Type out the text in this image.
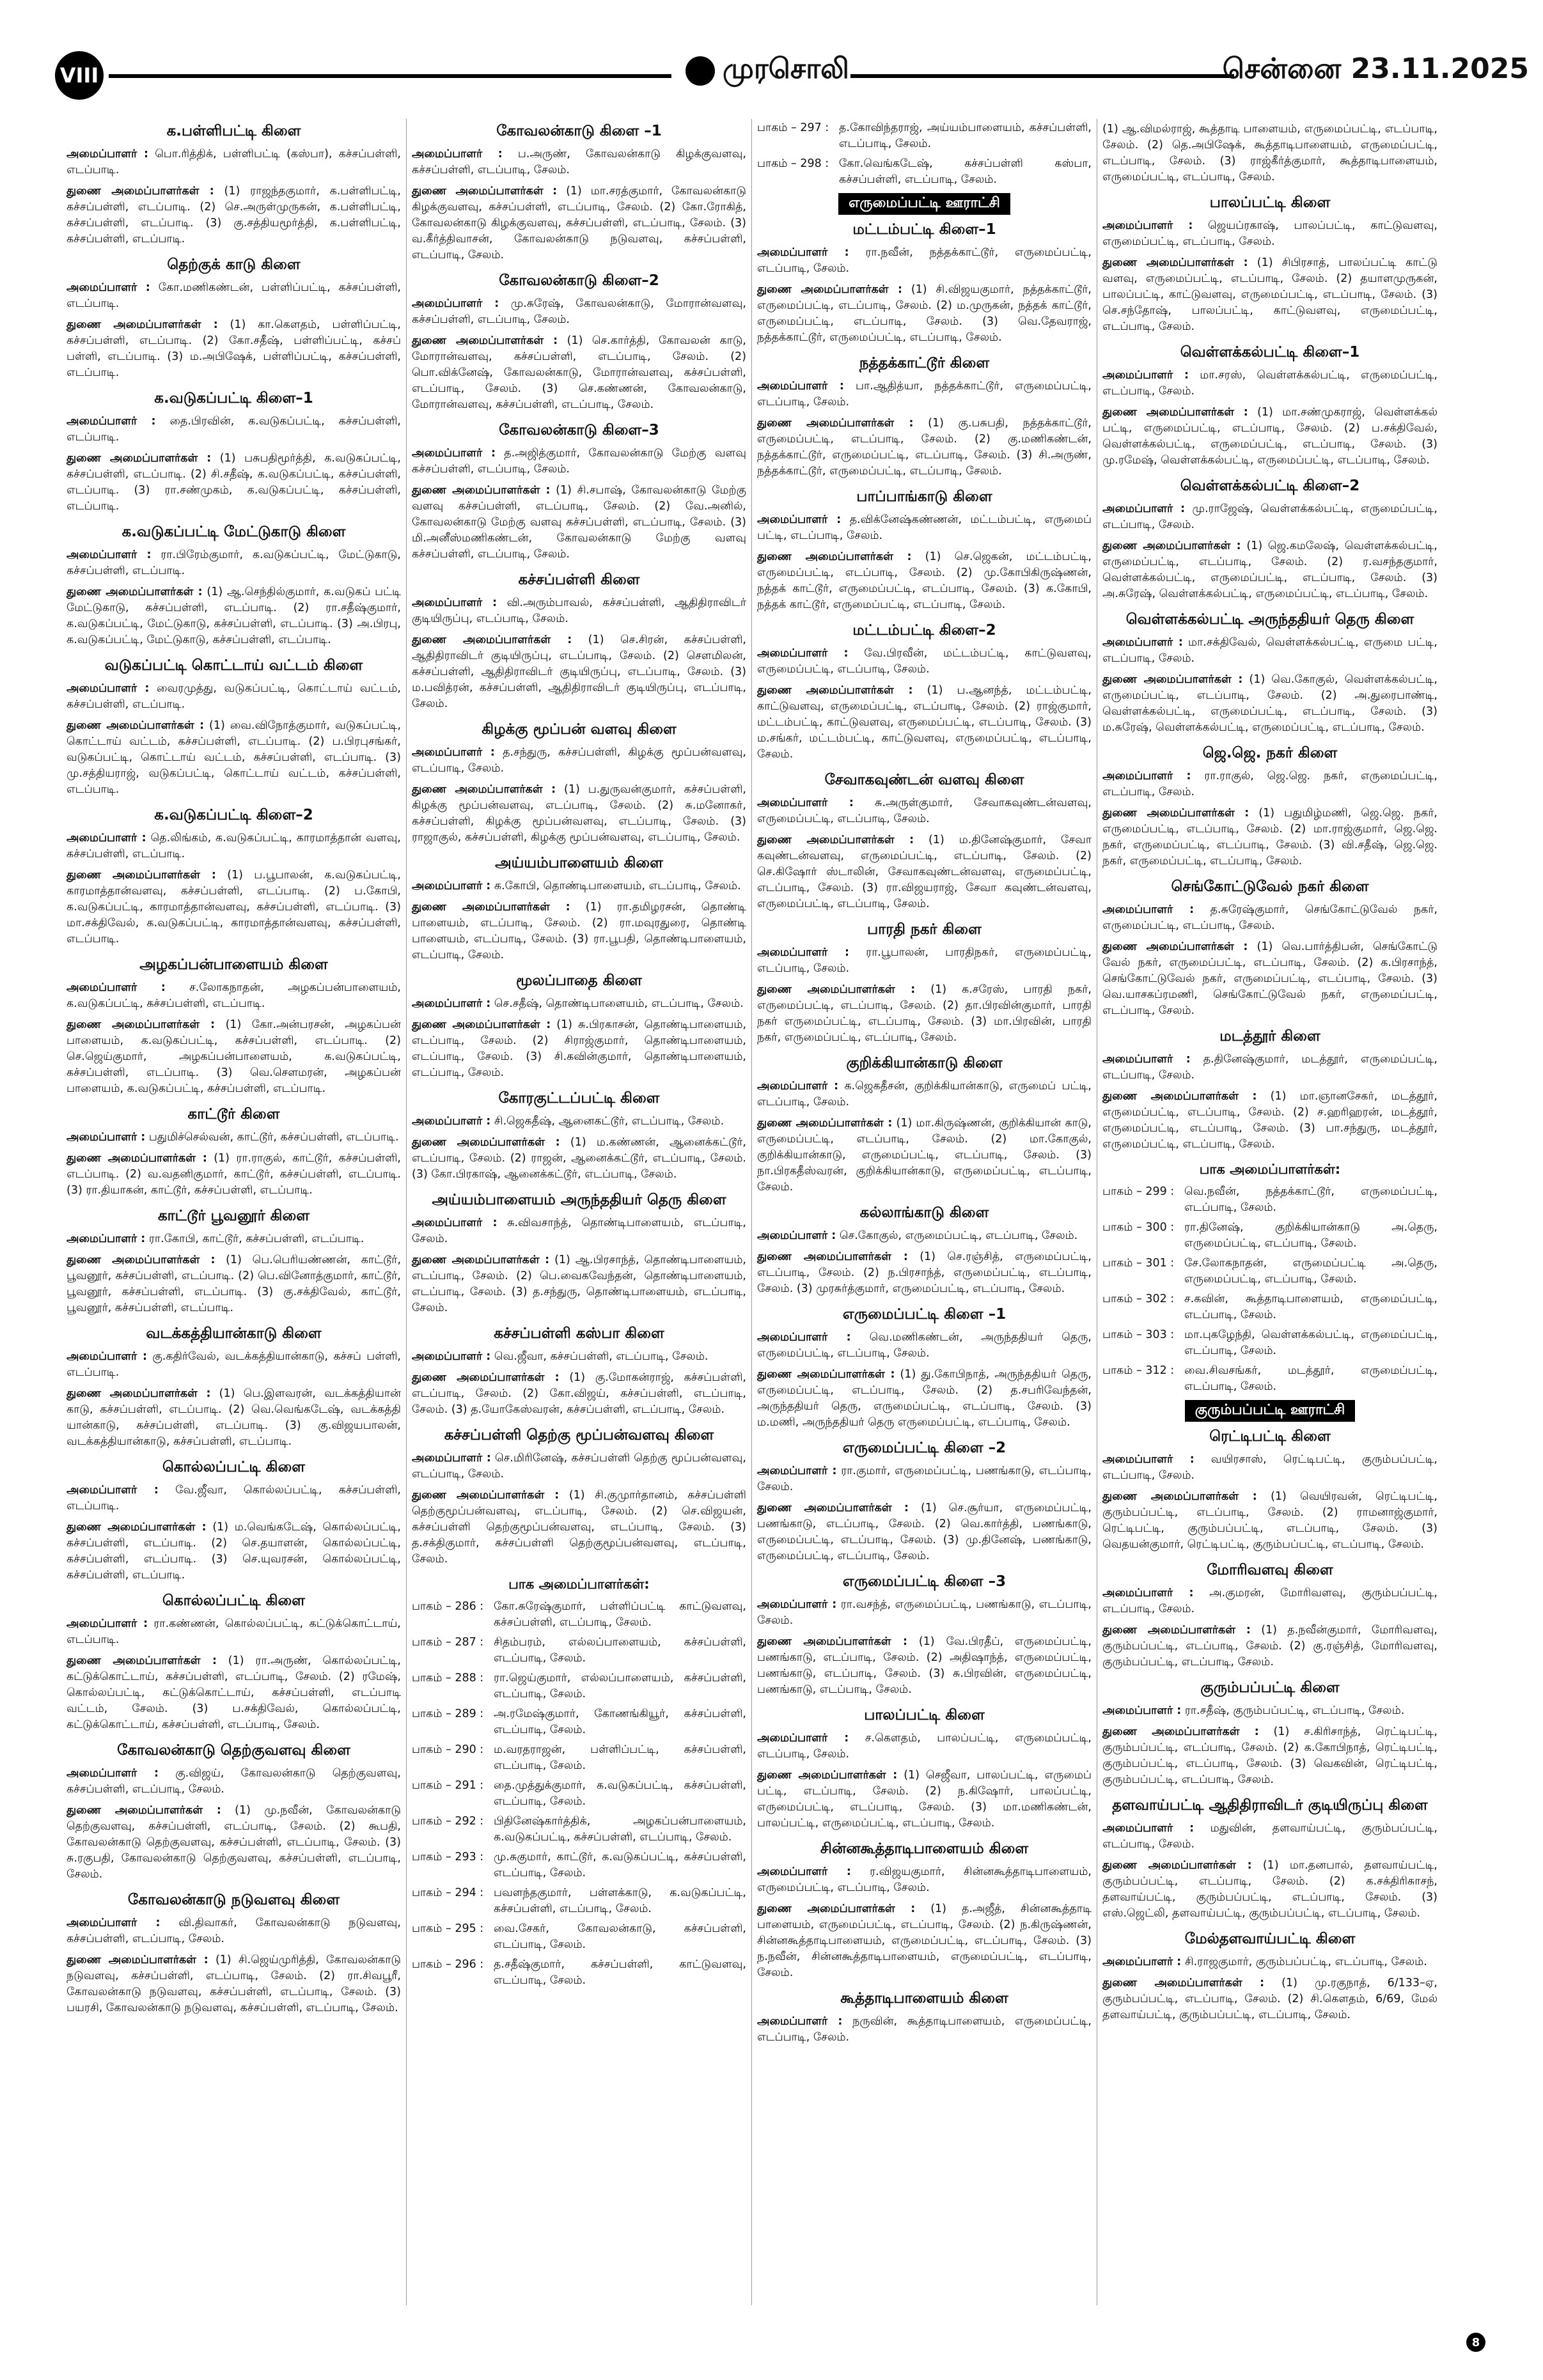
VIII	முரசொலி	சென்னை 23.11.2025
க.பள்ளிபட்டி கிளை
அமைப்பாளர் : பொ.ரித்திக், பள்ளிபட்டி (கஸ்பா), கச்சப்பள்ளி, எடப்பாடி.
துணை அமைப்பாளர்கள் : (1) ராஜந்தகுமார், க.பள்ளிபட்டி, கச்சப்பள்ளி, எடப்பாடி. (2) செ.அருள்முருகன், க.பள்ளிபட்டி, கச்சப்பள்ளி, எடப்பாடி. (3) கு.சத்தியமூர்த்தி, க.பள்ளிபட்டி, கச்சப்பள்ளி, எடப்பாடி.
தெற்குக் காடு கிளை
அமைப்பாளர் : கோ.மணிகண்டன், பள்ளிப்பட்டி, கச்சப்பள்ளி, எடப்பாடி.
துணை அமைப்பாளர்கள் : (1) கா.கௌதம், பள்ளிப்பட்டி, கச்சப்பள்ளி, எடப்பாடி. (2) கோ.சதீஷ், பள்ளிப்பட்டி, கச்சப் பள்ளி, எடப்பாடி. (3) ம.அபிஷேக், பள்ளிப்பட்டி, கச்சப்பள்ளி, எடப்பாடி.
க.வடுகப்பட்டி கிளை–1
அமைப்பாளர் : தை.பிரவின், க.வடுகப்பட்டி, கச்சப்பள்ளி, எடப்பாடி.
துணை அமைப்பாளர்கள் : (1) பசுபதிமூர்த்தி, க.வடுகப்பட்டி, கச்சப்பள்ளி, எடப்பாடி. (2) சி.சதீஷ், க.வடுகப்பட்டி, கச்சப்பள்ளி, எடப்பாடி. (3) ரா.சண்முகம், க.வடுகப்பட்டி, கச்சப்பள்ளி, எடப்பாடி.
க.வடுகப்பட்டி மேட்டுகாடு கிளை
அமைப்பாளர் : ரா.பிரேம்குமார், க.வடுகப்பட்டி, மேட்டுகாடு, கச்சப்பள்ளி, எடப்பாடி.
துணை அமைப்பாளர்கள் : (1) ஆ.செந்தில்குமார், க.வடுகப் பட்டி மேட்டுகாடு, கச்சப்பள்ளி, எடப்பாடி. (2) ரா.சதீஷ்குமார், க.வடுகப்பட்டி, மேட்டுகாடு, கச்சப்பள்ளி, எடப்பாடி. (3) அ.பிரபு, க.வடுகப்பட்டி, மேட்டுகாடு, கச்சப்பள்ளி, எடப்பாடி.
வடுகப்பட்டி கொட்டாய் வட்டம் கிளை
அமைப்பாளர் : வைரமுத்து, வடுகப்பட்டி, கொட்டாய் வட்டம், கச்சப்பள்ளி, எடப்பாடி.
துணை அமைப்பாளர்கள் : (1) வை.விநோத்குமார், வடுகப்பட்டி, கொட்டாய் வட்டம், கச்சப்பள்ளி, எடப்பாடி. (2) ப.பிரபுசங்கர், வடுகப்பட்டி, கொட்டாய் வட்டம், கச்சப்பள்ளி, எடப்பாடி. (3) மு.சத்தியராஜ், வடுகப்பட்டி, கொட்டாய் வட்டம், கச்சப்பள்ளி, எடப்பாடி.
க.வடுகப்பட்டி கிளை–2
அமைப்பாளர் : தெ.லிங்கம், க.வடுகப்பட்டி, காரமாத்தான் வளவு, கச்சப்பள்ளி, எடப்பாடி.
துணை அமைப்பாளர்கள் : (1) ப.பூபாலன், க.வடுகப்பட்டி, காரமாத்தான்வளவு, கச்சப்பள்ளி, எடப்பாடி. (2) ப.கோபி, க.வடுகப்பட்டி, காரமாத்தான்வளவு, கச்சப்பள்ளி, எடப்பாடி. (3) மா.சக்திவேல், க.வடுகப்பட்டி, காரமாத்தான்வளவு, கச்சப்பள்ளி, எடப்பாடி.
அழகப்பன்பாளையம் கிளை
அமைப்பாளர் : ச.லோகநாதன், அழகப்பன்பாளையம், க.வடுகப்பட்டி, கச்சப்பள்ளி, எடப்பாடி.
துணை அமைப்பாளர்கள் : (1) கோ.அன்பரசன், அழகப்பன் பாளையம், க.வடுகப்பட்டி, கச்சப்பள்ளி, எடப்பாடி. (2) செ.ஜெய்குமார், அழகப்பன்பாளையம், க.வடுகப்பட்டி, கச்சப்பள்ளி, எடப்பாடி. (3) வெ.சௌமரன், அழகப்பன் பாளையம், க.வடுகப்பட்டி, கச்சப்பள்ளி, எடப்பாடி.
காட்டூர் கிளை
அமைப்பாளர் : பதுமிச்செல்வன், காட்டூர், கச்சப்பள்ளி, எடப்பாடி.
துணை அமைப்பாளர்கள் : (1) ரா.ராகுல், காட்டூர், கச்சப்பள்ளி, எடப்பாடி. (2) வ.வதனிகுமார், காட்டூர், கச்சப்பள்ளி, எடப்பாடி. (3) ரா.தியாகன், காட்டூர், கச்சப்பள்ளி, எடப்பாடி.
காட்டூர் பூவனூர் கிளை
அமைப்பாளர் : ரா.கோபி, காட்டூர், கச்சப்பள்ளி, எடப்பாடி.
துணை அமைப்பாளர்கள் : (1) பெ.பெரியண்ணன், காட்டூர், பூவனூர், கச்சப்பள்ளி, எடப்பாடி. (2) பெ.வினோத்குமார், காட்டூர், பூவனூர், கச்சப்பள்ளி, எடப்பாடி. (3) கு.சக்திவேல், காட்டூர், பூவனூர், கச்சப்பள்ளி, எடப்பாடி.
வடக்கத்தியான்காடு கிளை
அமைப்பாளர் : கு.கதிர்வேல், வடக்கத்தியான்காடு, கச்சப் பள்ளி, எடப்பாடி.
துணை அமைப்பாளர்கள் : (1) பெ.இளவரன், வடக்கத்தியான் காடு, கச்சப்பள்ளி, எடப்பாடி. (2) வெ.வெங்கடேஷ், வடக்கத்தி யான்காடு, கச்சப்பள்ளி, எடப்பாடி. (3) கு.விஜயபாலன், வடக்கத்தியான்காடு, கச்சப்பள்ளி, எடப்பாடி.
கொல்லப்பட்டி கிளை
அமைப்பாளர் : வே.ஜீவா, கொல்லப்பட்டி, கச்சப்பள்ளி, எடப்பாடி.
துணை அமைப்பாளர்கள் : (1) ம.வெங்கடேஷ், கொல்லப்பட்டி, கச்சப்பள்ளி, எடப்பாடி. (2) செ.தயாளன், கொல்லப்பட்டி, கச்சப்பள்ளி, எடப்பாடி. (3) செ.யுவரசன், கொல்லப்பட்டி, கச்சப்பள்ளி, எடப்பாடி.
கொல்லப்பட்டி கிளை
அமைப்பாளர் : ரா.கண்ணன், கொல்லப்பட்டி, கட்டுக்கொட்டாய், எடப்பாடி.
துணை அமைப்பாளர்கள் : (1) ரா.அருண், கொல்லப்பட்டி, கட்டுக்கொட்டாய், கச்சப்பள்ளி, எடப்பாடி, சேலம். (2) ரமேஷ், கொல்லப்பட்டி, கட்டுக்கொட்டாய், கச்சப்பள்ளி, எடப்பாடி வட்டம், சேலம். (3) ப.சக்திவேல், கொல்லப்பட்டி, கட்டுக்கொட்டாய், கச்சப்பள்ளி, எடப்பாடி, சேலம்.
கோவலன்காடு தெற்குவளவு கிளை
அமைப்பாளர் : கு.விஜய், கோவலன்காடு தெற்குவளவு, கச்சப்பள்ளி, எடப்பாடி, சேலம்.
துணை அமைப்பாளர்கள் : (1) மு.நவீன், கோவலன்காடு தெற்குவளவு, கச்சப்பள்ளி, எடப்பாடி, சேலம். (2) கூபதி, கோவலன்காடு தெற்குவளவு, கச்சப்பள்ளி, எடப்பாடி, சேலம். (3) சு.ரகுபதி, கோவலன்காடு தெற்குவளவு, கச்சப்பள்ளி, எடப்பாடி, சேலம்.
கோவலன்காடு நடுவளவு கிளை
அமைப்பாளர் : வி.திவாகர், கோவலன்காடு நடுவளவு, கச்சப்பள்ளி, எடப்பாடி, சேலம்.
துணை அமைப்பாளர்கள் : (1) சி.ஜெய்முரித்தி, கோவலன்காடு நடுவளவு, கச்சப்பள்ளி, எடப்பாடி, சேலம். (2) ரா.சிவபூரீ, கோவலன்காடு நடுவளவு, கச்சப்பள்ளி, எடப்பாடி, சேலம். (3) பயரசி, கோவலன்காடு நடுவளவு, கச்சப்பள்ளி, எடப்பாடி, சேலம்.
கோவலன்காடு கிளை –1
அமைப்பாளர் : ப.அருண், கோவலன்காடு கிழக்குவளவு, கச்சப்பள்ளி, எடப்பாடி, சேலம்.
துணை அமைப்பாளர்கள் : (1) மா.சரத்குமார், கோவலன்காடு கிழக்குவளவு, கச்சப்பள்ளி, எடப்பாடி, சேலம். (2) கோ.ரோகித், கோவலன்காடு கிழக்குவளவு, கச்சப்பள்ளி, எடப்பாடி, சேலம். (3) வ.கீர்த்திவாசன், கோவலன்காடு நடுவளவு, கச்சப்பள்ளி, எடப்பாடி, சேலம்.
கோவலன்காடு கிளை–2
அமைப்பாளர் : மு.சுரேஷ், கோவலன்காடு, மோரான்வளவு, கச்சப்பள்ளி, எடப்பாடி, சேலம்.
துணை அமைப்பாளர்கள் : (1) செ.கார்த்தி, கோவலன் காடு, மோரான்வளவு, கச்சப்பள்ளி, எடப்பாடி, சேலம். (2) பொ.விக்னேஷ், கோவலன்காடு, மோரான்வளவு, கச்சப்பள்ளி, எடப்பாடி, சேலம். (3) செ.கண்ணன், கோவலன்காடு, மோரான்வளவு, கச்சப்பள்ளி, எடப்பாடி, சேலம்.
கோவலன்காடு கிளை–3
அமைப்பாளர் : த.அஜித்குமார், கோவலன்காடு மேற்கு வளவு கச்சப்பள்ளி, எடப்பாடி, சேலம்.
துணை அமைப்பாளர்கள் : (1) சி.சபாஷ், கோவலன்காடு மேற்கு வளவு கச்சப்பள்ளி, எடப்பாடி, சேலம். (2) வே.அனில், கோவலன்காடு மேற்கு வளவு கச்சப்பள்ளி, எடப்பாடி, சேலம். (3) மி.அனீஸ்மணிகண்டன், கோவலன்காடு மேற்கு வளவு கச்சப்பள்ளி, எடப்பாடி, சேலம்.
கச்சப்பள்ளி கிளை
அமைப்பாளர் : வி.அரும்பாவல், கச்சப்பள்ளி, ஆதிதிராவிடர் குடியிருப்பு, எடப்பாடி, சேலம்.
துணை அமைப்பாளர்கள் : (1) செ.சிரன், கச்சப்பள்ளி, ஆதிதிராவிடர் குடியிருப்பு, எடப்பாடி, சேலம். (2) சௌமிலன், கச்சப்பள்ளி, ஆதிதிராவிடர் குடியிருப்பு, எடப்பாடி, சேலம். (3) ம.பவித்ரன், கச்சப்பள்ளி, ஆதிதிராவிடர் குடியிருப்பு, எடப்பாடி, சேலம்.
கிழக்கு மூப்பன் வளவு கிளை
அமைப்பாளர் : த.சந்துரு, கச்சப்பள்ளி, கிழக்கு மூப்பன்வளவு, எடப்பாடி, சேலம்.
துணை அமைப்பாளர்கள் : (1) ப.துருவன்குமார், கச்சப்பள்ளி, கிழக்கு மூப்பன்வளவு, எடப்பாடி, சேலம். (2) சு.மனோகர், கச்சப்பள்ளி, கிழக்கு மூப்பன்வளவு, எடப்பாடி, சேலம். (3) ராஜாகுல், கச்சப்பள்ளி, கிழக்கு மூப்பன்வளவு, எடப்பாடி, சேலம்.
அய்யம்பாளையம் கிளை
அமைப்பாளர் : க.கோபி, தொண்டிபாளையம், எடப்பாடி, சேலம்.
துணை அமைப்பாளர்கள் : (1) ரா.தமிழரசன், தொண்டி பாளையம், எடப்பாடி, சேலம். (2) ரா.மவுரதுரை, தொண்டி பாளையம், எடப்பாடி, சேலம். (3) ரா.பூபதி, தொண்டிபாளையம், எடப்பாடி, சேலம்.
மூலப்பாதை கிளை
அமைப்பாளர் : செ.சதீஷ், தொண்டிபாளையம், எடப்பாடி, சேலம்.
துணை அமைப்பாளர்கள் : (1) சு.பிரகாசன், தொண்டிபாளையம், எடப்பாடி, சேலம். (2) சிராஜ்குமார், தொண்டிபாளையம், எடப்பாடி, சேலம். (3) சி.கவின்குமார், தொண்டிபாளையம், எடப்பாடி, சேலம்.
கோரகுட்டப்பட்டி கிளை
அமைப்பாளர் : சி.ஜெகதீஷ், ஆனைகட்டூர், எடப்பாடி, சேலம்.
துணை அமைப்பாளர்கள் : (1) ம.கண்ணன், ஆனைக்கட்டூர், எடப்பாடி, சேலம். (2) ராஜன், ஆனைக்கட்டூர், எடப்பாடி, சேலம். (3) கோ.பிரகாஷ், ஆனைக்கட்டூர், எடப்பாடி, சேலம்.
அய்யம்பாளையம் அருந்ததியர் தெரு கிளை
அமைப்பாளர் : சு.விவசாந்த், தொண்டிபாளையம், எடப்பாடி, சேலம்.
துணை அமைப்பாளர்கள் : (1) ஆ.பிரசாந்த், தொண்டிபாளையம், எடப்பாடி, சேலம். (2) பெ.வைகவேந்தன், தொண்டிபாளையம், எடப்பாடி, சேலம். (3) த.சந்துரு, தொண்டிபாளையம், எடப்பாடி, சேலம்.
கச்சப்பள்ளி கஸ்பா கிளை
அமைப்பாளர் : வெ.ஜீவா, கச்சப்பள்ளி, எடப்பாடி, சேலம்.
துணை அமைப்பாளர்கள் : (1) கு.மோகன்ராஜ், கச்சப்பள்ளி, எடப்பாடி, சேலம். (2) கோ.விஜய், கச்சப்பள்ளி, எடப்பாடி, சேலம். (3) த.யோகேஸ்வரன், கச்சப்பள்ளி, எடப்பாடி, சேலம்.
கச்சப்பள்ளி தெற்கு மூப்பன்வளவு கிளை
அமைப்பாளர் : செ.மிரினேஷ், கச்சப்பள்ளி தெற்கு மூப்பன்வளவு, எடப்பாடி, சேலம்.
துணை அமைப்பாளர்கள் : (1) சி.குமுார்தானம், கச்சப்பள்ளி தெற்குமூப்பன்வளவு, எடப்பாடி, சேலம். (2) செ.விஜயன், கச்சப்பள்ளி தெற்குமூப்பன்வளவு, எடப்பாடி, சேலம். (3) த.சக்திகுமார், கச்சப்பள்ளி தெற்குமூப்பன்வளவு, எடப்பாடி, சேலம்.
பாக அமைப்பாளர்கள்:
பாகம் – 286 : கோ.சுரேஷ்குமார், பள்ளிப்பட்டி காட்டுவளவு, கச்சப்பள்ளி, எடப்பாடி, சேலம்.
பாகம் – 287 : சிதம்பரம், எல்லப்பாளையம், கச்சப்பள்ளி, எடப்பாடி, சேலம்.
பாகம் – 288 : ரா.ஜெய்குமார், எல்லப்பாளையம், கச்சப்பள்ளி, எடப்பாடி, சேலம்.
பாகம் – 289 : அ.ரமேஷ்குமார், கோணங்கியூர், கச்சப்பள்ளி, எடப்பாடி, சேலம்.
பாகம் – 290 : ம.வரதராஜன், பள்ளிப்பட்டி, கச்சப்பள்ளி, எடப்பாடி, சேலம்.
பாகம் – 291 : தை.முத்துக்குமார், க.வடுகப்பட்டி, கச்சப்பள்ளி, எடப்பாடி, சேலம்.
பாகம் – 292 : பிதினேஷ்கார்த்திக், அழகப்பன்பாளையம், க.வடுகப்பட்டி, கச்சப்பள்ளி, எடப்பாடி, சேலம்.
பாகம் – 293 : மு.சுகுமார், காட்டூர், க.வடுகப்பட்டி, கச்சப்பள்ளி, எடப்பாடி, சேலம்.
பாகம் – 294 : பவளந்தகுமார், பள்ளக்காடு, க.வடுகப்பட்டி, கச்சப்பள்ளி, எடப்பாடி, சேலம்.
பாகம் – 295 : வை.சேகர், கோவலன்காடு, கச்சப்பள்ளி, எடப்பாடி, சேலம்.
பாகம் – 296 : த.சதீஷ்குமார், கச்சப்பள்ளி, காட்டுவளவு, எடப்பாடி, சேலம்.
பாகம் – 297 : த.கோவிந்தராஜ், அய்யம்பாளையம், கச்சப்பள்ளி, எடப்பாடி, சேலம்.
பாகம் – 298 : கோ.வெங்கடேஷ், கச்சப்பள்ளி கஸ்பா, கச்சப்பள்ளி, எடப்பாடி, சேலம்.
எருமைப்பட்டி ஊராட்சி
மட்டம்பட்டி கிளை–1
அமைப்பாளர் : ரா.நவீன், நத்தக்காட்டூர், எருமைப்பட்டி, எடப்பாடி, சேலம்.
துணை அமைப்பாளர்கள் : (1) சி.விஜயகுமார், நத்தக்காட்டூர், எருமைப்பட்டி, எடப்பாடி, சேலம். (2) ம.முருகன், நத்தக் காட்டூர், எருமைப்பட்டி, எடப்பாடி, சேலம். (3) வெ.தேவராஜ், நத்தக்காட்டூர், எருமைப்பட்டி, எடப்பாடி, சேலம்.
நத்தக்காட்டூர் கிளை
அமைப்பாளர் : பா.ஆதித்யா, நத்தக்காட்டூர், எருமைப்பட்டி, எடப்பாடி, சேலம்.
துணை அமைப்பாளர்கள் : (1) கு.பசுபதி, நத்தக்காட்டூர், எருமைப்பட்டி, எடப்பாடி, சேலம். (2) கு.மணிகண்டன், நத்தக்காட்டூர், எருமைப்பட்டி, எடப்பாடி, சேலம். (3) சி.அருண், நத்தக்காட்டூர், எருமைப்பட்டி, எடப்பாடி, சேலம்.
பாப்பாங்காடு கிளை
அமைப்பாளர் : த.விக்னேஷ்கண்ணன், மட்டம்பட்டி, எருமைப் பட்டி, எடப்பாடி, சேலம்.
துணை அமைப்பாளர்கள் : (1) செ.ஜெகன், மட்டம்பட்டி, எருமைப்பட்டி, எடப்பாடி, சேலம். (2) மு.கோபிகிருஷ்ணன், நத்தக் காட்டூர், எருமைப்பட்டி, எடப்பாடி, சேலம். (3) க.கோபி, நத்தக் காட்டூர், எருமைப்பட்டி, எடப்பாடி, சேலம்.
மட்டம்பட்டி கிளை–2
அமைப்பாளர் : வே.பிரவீன், மட்டம்பட்டி, காட்டுவளவு, எருமைப்பட்டி, எடப்பாடி, சேலம்.
துணை அமைப்பாளர்கள் : (1) ப.ஆனந்த், மட்டம்பட்டி, காட்டுவளவு, எருமைப்பட்டி, எடப்பாடி, சேலம். (2) ராஜ்குமார், மட்டம்பட்டி, காட்டுவளவு, எருமைப்பட்டி, எடப்பாடி, சேலம். (3) ம.சங்கர், மட்டம்பட்டி, காட்டுவளவு, எருமைப்பட்டி, எடப்பாடி, சேலம்.
சேவாகவுண்டன் வளவு கிளை
அமைப்பாளர் : சு.அருள்குமார், சேவாகவுண்டன்வளவு, எருமைப்பட்டி, எடப்பாடி, சேலம்.
துணை அமைப்பாளர்கள் : (1) ம.தினேஷ்குமார், சேவா கவுண்டன்வளவு, எருமைப்பட்டி, எடப்பாடி, சேலம். (2) செ.கிஷோர் ஸ்டாலின், சேவாகவுண்டன்வளவு, எருமைப்பட்டி, எடப்பாடி, சேலம். (3) ரா.விஜயராஜ், சேவா கவுண்டன்வளவு, எருமைப்பட்டி, எடப்பாடி, சேலம்.
பாரதி நகர் கிளை
அமைப்பாளர் : ரா.பூபாலன், பாரதிநகர், எருமைப்பட்டி, எடப்பாடி, சேலம்.
துணை அமைப்பாளர்கள் : (1) க.சரேஸ், பாரதி நகர், எருமைப்பட்டி, எடப்பாடி, சேலம். (2) தா.பிரவின்குமார், பாரதி நகர் எருமைப்பட்டி, எடப்பாடி, சேலம். (3) மா.பிரவின், பாரதி நகர், எருமைப்பட்டி, எடப்பாடி, சேலம்.
குறிக்கியான்காடு கிளை
அமைப்பாளர் : க.ஜெகதீசன், குறிக்கியான்காடு, எருமைப் பட்டி, எடப்பாடி, சேலம்.
துணை அமைப்பாளர்கள் : (1) மா.கிருஷ்ணன், குறிக்கியான் காடு, எருமைப்பட்டி, எடப்பாடி, சேலம். (2) மா.கோகுல், குறிக்கியான்காடு, எருமைப்பட்டி, எடப்பாடி, சேலம். (3) நா.பிரகதீஸ்வரன், குறிக்கியான்காடு, எருமைப்பட்டி, எடப்பாடி, சேலம்.
கல்லாங்காடு கிளை
அமைப்பாளர் : செ.கோகுல், எருமைப்பட்டி, எடப்பாடி, சேலம்.
துணை அமைப்பாளர்கள் : (1) செ.ரஞ்சித், எருமைப்பட்டி, எடப்பாடி, சேலம். (2) ந.பிரசாந்த், எருமைப்பட்டி, எடப்பாடி, சேலம். (3) முரசுர்த்குமார், எருமைப்பட்டி, எடப்பாடி, சேலம்.
எருமைப்பட்டி கிளை –1
அமைப்பாளர் : வெ.மணிகண்டன், அருந்ததியர் தெரு, எருமைப்பட்டி, எடப்பாடி, சேலம்.
துணை அமைப்பாளர்கள் : (1) து.கோபிநாத், அருந்ததியர் தெரு, எருமைப்பட்டி, எடப்பாடி, சேலம். (2) த.சபரிவேந்தன், அருந்ததியர் தெரு, எருமைப்பட்டி, எடப்பாடி, சேலம். (3) ம.மணி, அருந்ததியர் தெரு எருமைப்பட்டி, எடப்பாடி, சேலம்.
எருமைப்பட்டி கிளை –2
அமைப்பாளர் : ரா.குமார், எருமைப்பட்டி, பணங்காடு, எடப்பாடி, சேலம்.
துணை அமைப்பாளர்கள் : (1) செ.சூர்யா, எருமைப்பட்டி, பணங்காடு, எடப்பாடி, சேலம். (2) வெ.கார்த்தி, பணங்காடு, எருமைப்பட்டி, எடப்பாடி, சேலம். (3) மு.தினேஷ், பணங்காடு, எருமைப்பட்டி, எடப்பாடி, சேலம்.
எருமைப்பட்டி கிளை –3
அமைப்பாளர் : ரா.வசந்த், எருமைப்பட்டி, பணங்காடு, எடப்பாடி, சேலம்.
துணை அமைப்பாளர்கள் : (1) வே.பிரதீப், எருமைப்பட்டி, பணங்காடு, எடப்பாடி, சேலம். (2) அதிஷாந்த், எருமைப்பட்டி, பணங்காடு, எடப்பாடி, சேலம். (3) சு.பிரவின், எருமைப்பட்டி, பணங்காடு, எடப்பாடி, சேலம்.
பாலப்பட்டி கிளை
அமைப்பாளர் : ச.கௌதம், பாலப்பட்டி, எருமைப்பட்டி, எடப்பாடி, சேலம்.
துணை அமைப்பாளர்கள் : (1) செஜீவா, பாலப்பட்டி, எருமைப் பட்டி, எடப்பாடி, சேலம். (2) ந.கிஷோர், பாலப்பட்டி, எருமைப்பட்டி, எடப்பாடி, சேலம். (3) மா.மணிகண்டன், பாலப்பட்டி, எருமைப்பட்டி, எடப்பாடி, சேலம்.
சின்னகூத்தாடிபாளையம் கிளை
அமைப்பாளர் : ர.விஜயகுமார், சின்னகூத்தாடிபாளையம், எருமைப்பட்டி, எடப்பாடி, சேலம்.
துணை அமைப்பாளர்கள் : (1) த.அஜீத், சின்னகூத்தாடி பாளையம், எருமைப்பட்டி, எடப்பாடி, சேலம். (2) ந.கிருஷ்ணன், சின்னகூத்தாடிபாளையம், எருமைப்பட்டி, எடப்பாடி, சேலம். (3) ந.நவீன், சின்னகூத்தாடிபாளையம், எருமைப்பட்டி, எடப்பாடி, சேலம்.
கூத்தாடிபாளையம் கிளை
அமைப்பாளர் : நருவின், கூத்தாடிபாளையம், எருமைப்பட்டி, எடப்பாடி, சேலம்.
(1) ஆ.விமல்ராஜ், கூத்தாடி பாளையம், எருமைப்பட்டி, எடப்பாடி, சேலம். (2) தெ.அபிஷேக், கூத்தாடிபாளையம், எருமைப்பட்டி, எடப்பாடி, சேலம். (3) ராஜ்கீர்த்குமார், கூத்தாடிபாளையம், எருமைப்பட்டி, எடப்பாடி, சேலம்.
பாலப்பட்டி கிளை
அமைப்பாளர் : ஜெயப்ரகாஷ், பாலப்பட்டி, காட்டுவளவு, எருமைப்பட்டி, எடப்பாடி, சேலம்.
துணை அமைப்பாளர்கள் : (1) சிபிரசாத், பாலப்பட்டி காட்டு வளவு, எருமைப்பட்டி, எடப்பாடி, சேலம். (2) தயாளமுருகன், பாலப்பட்டி, காட்டுவளவு, எருமைப்பட்டி, எடப்பாடி, சேலம். (3) செ.சந்தோஷ், பாலப்பட்டி, காட்டுவளவு, எருமைப்பட்டி, எடப்பாடி, சேலம்.
வெள்ளக்கல்பட்டி கிளை–1
அமைப்பாளர் : மா.சரஸ், வெள்ளக்கல்பட்டி, எருமைப்பட்டி, எடப்பாடி, சேலம்.
துணை அமைப்பாளர்கள் : (1) மா.சண்முகராஜ், வெள்ளக்கல் பட்டி, எருமைப்பட்டி, எடப்பாடி, சேலம். (2) ப.சக்திவேல், வெள்ளக்கல்பட்டி, எருமைப்பட்டி, எடப்பாடி, சேலம். (3) மு.ரமேஷ், வெள்ளக்கல்பட்டி, எருமைப்பட்டி, எடப்பாடி, சேலம்.
வெள்ளக்கல்பட்டி கிளை–2
அமைப்பாளர் : மு.ராஜேஷ், வெள்ளக்கல்பட்டி, எருமைப்பட்டி, எடப்பாடி, சேலம்.
துணை அமைப்பாளர்கள் : (1) ஜெ.கமலேஷ், வெள்ளக்கல்பட்டி, எருமைப்பட்டி, எடப்பாடி, சேலம். (2) ர.வசந்தகுமார், வெள்ளக்கல்பட்டி, எருமைப்பட்டி, எடப்பாடி, சேலம். (3) அ.சுரேஷ், வெள்ளக்கல்பட்டி, எருமைப்பட்டி, எடப்பாடி, சேலம்.
வெள்ளக்கல்பட்டி அருந்ததியர் தெரு கிளை
அமைப்பாளர் : மா.சக்திவேல், வெள்ளக்கல்பட்டி, எருமை பட்டி, எடப்பாடி, சேலம்.
துணை அமைப்பாளர்கள் : (1) வெ.கோகுல், வெள்ளக்கல்பட்டி, எருமைப்பட்டி, எடப்பாடி, சேலம். (2) அ.துரைபாண்டி, வெள்ளக்கல்பட்டி, எருமைப்பட்டி, எடப்பாடி, சேலம். (3) ம.சுரேஷ், வெள்ளக்கல்பட்டி, எருமைப்பட்டி, எடப்பாடி, சேலம்.
ஜெ.ஜெ. நகர் கிளை
அமைப்பாளர் : ரா.ராகுல், ஜெ.ஜெ. நகர், எருமைப்பட்டி, எடப்பாடி, சேலம்.
துணை அமைப்பாளர்கள் : (1) பதுமிழ்மணி, ஜெ.ஜெ. நகர், எருமைப்பட்டி, எடப்பாடி, சேலம். (2) மா.ராஜ்குமார், ஜெ.ஜெ. நகர், எருமைப்பட்டி, எடப்பாடி, சேலம். (3) வி.சதீஷ், ஜெ.ஜெ. நகர், எருமைப்பட்டி, எடப்பாடி, சேலம்.
செங்கோட்டுவேல் நகர் கிளை
அமைப்பாளர் : த.சுரேஷ்குமார், செங்கோட்டுவேல் நகர், எருமைப்பட்டி, எடப்பாடி, சேலம்.
துணை அமைப்பாளர்கள் : (1) வெ.பார்த்திபன், செங்கோட்டு வேல் நகர், எருமைப்பட்டி, எடப்பாடி, சேலம். (2) க.பிரசாந்த், செங்கோட்டுவேல் நகர், எருமைப்பட்டி, எடப்பாடி, சேலம். (3) வெ.யாசகப்ரமணி, செங்கோட்டுவேல் நகர், எருமைப்பட்டி, எடப்பாடி, சேலம்.
மடத்தூர் கிளை
அமைப்பாளர் : த.தினேஷ்குமார், மடத்தூர், எருமைப்பட்டி, எடப்பாடி, சேலம்.
துணை அமைப்பாளர்கள் : (1) மா.ஞானசேகர், மடத்தூர், எருமைப்பட்டி, எடப்பாடி, சேலம். (2) ச.ஹரிஹரன், மடத்தூர், எருமைப்பட்டி, எடப்பாடி, சேலம். (3) பா.சந்துரு, மடத்தூர், எருமைப்பட்டி, எடப்பாடி, சேலம்.
பாக அமைப்பாளர்கள்:
பாகம் – 299 : வெ.நவீன், நத்தக்காட்டூர், எருமைப்பட்டி, எடப்பாடி, சேலம்.
பாகம் – 300 : ரா.தினேஷ், குறிக்கியான்காடு அ.தெரு, எருமைப்பட்டி, எடப்பாடி, சேலம்.
பாகம் – 301 : சே.லோகநாதன், எருமைப்பட்டி அ.தெரு, எருமைப்பட்டி, எடப்பாடி, சேலம்.
பாகம் – 302 : ச.கவின், கூத்தாடிபாளையம், எருமைப்பட்டி, எடப்பாடி, சேலம்.
பாகம் – 303 : மா.புகழேந்தி, வெள்ளக்கல்பட்டி, எருமைப்பட்டி, எடப்பாடி, சேலம்.
பாகம் – 312 : வை.சிவசங்கர், மடத்தூர், எருமைப்பட்டி, எடப்பாடி, சேலம்.
குரும்பப்பட்டி ஊராட்சி
ரெட்டிபட்டி கிளை
அமைப்பாளர் : வயிரசாஸ், ரெட்டிபட்டி, குரும்பப்பட்டி, எடப்பாடி, சேலம்.
துணை அமைப்பாளர்கள் : (1) வெயிரவன், ரெட்டிபட்டி, குரும்பப்பட்டி, எடப்பாடி, சேலம். (2) ராமனாஜ்குமார், ரெட்டிபட்டி, குரும்பப்பட்டி, எடப்பாடி, சேலம். (3) வெதயன்குமார், ரெட்டிபட்டி, குரும்பப்பட்டி, எடப்பாடி, சேலம்.
மோரிவளவு கிளை
அமைப்பாளர் : அ.குமரன், மோரிவளவு, குரும்பப்பட்டி, எடப்பாடி, சேலம்.
துணை அமைப்பாளர்கள் : (1) த.நவீன்குமார், மோரிவளவு, குரும்பப்பட்டி, எடப்பாடி, சேலம். (2) கு.ரஞ்சித், மோரிவளவு, குரும்பப்பட்டி, எடப்பாடி, சேலம்.
குரும்பப்பட்டி கிளை
அமைப்பாளர் : ரா.சதீஷ், குரும்பப்பட்டி, எடப்பாடி, சேலம்.
துணை அமைப்பாளர்கள் : (1) ச.கிரிசாந்த், ரெட்டிபட்டி, குரும்பப்பட்டி, எடப்பாடி, சேலம். (2) க.கோபிநாத், ரெட்டிபட்டி, குரும்பப்பட்டி, எடப்பாடி, சேலம். (3) வெகவின், ரெட்டிபட்டி, குரும்பப்பட்டி, எடப்பாடி, சேலம்.
தளவாய்பட்டி ஆதிதிராவிடர் குடியிருப்பு கிளை
அமைப்பாளர் : மதுவின், தளவாய்பட்டி, குரும்பப்பட்டி, எடப்பாடி, சேலம்.
துணை அமைப்பாளர்கள் : (1) மா.தனபால், தளவாய்பட்டி, குரும்பப்பட்டி, எடப்பாடி, சேலம். (2) க.சக்திரிசுாசந், தளவாய்பட்டி, குரும்பப்பட்டி, எடப்பாடி, சேலம். (3) எஸ்.ஜெட்லி, தளவாய்பட்டி, குரும்பப்பட்டி, எடப்பாடி, சேலம்.
மேல்தளவாய்பட்டி கிளை
அமைப்பாளர் : சி.ராஜகுமார், குரும்பப்பட்டி, எடப்பாடி, சேலம்.
துணை அமைப்பாளர்கள் : (1) மு.ரகுநாத், 6/133–ஏ, குரும்பப்பட்டி, எடப்பாடி, சேலம். (2) சி.கௌதம், 6/69, மேல் தளவாய்பட்டி, குரும்பப்பட்டி, எடப்பாடி, சேலம்.
8
